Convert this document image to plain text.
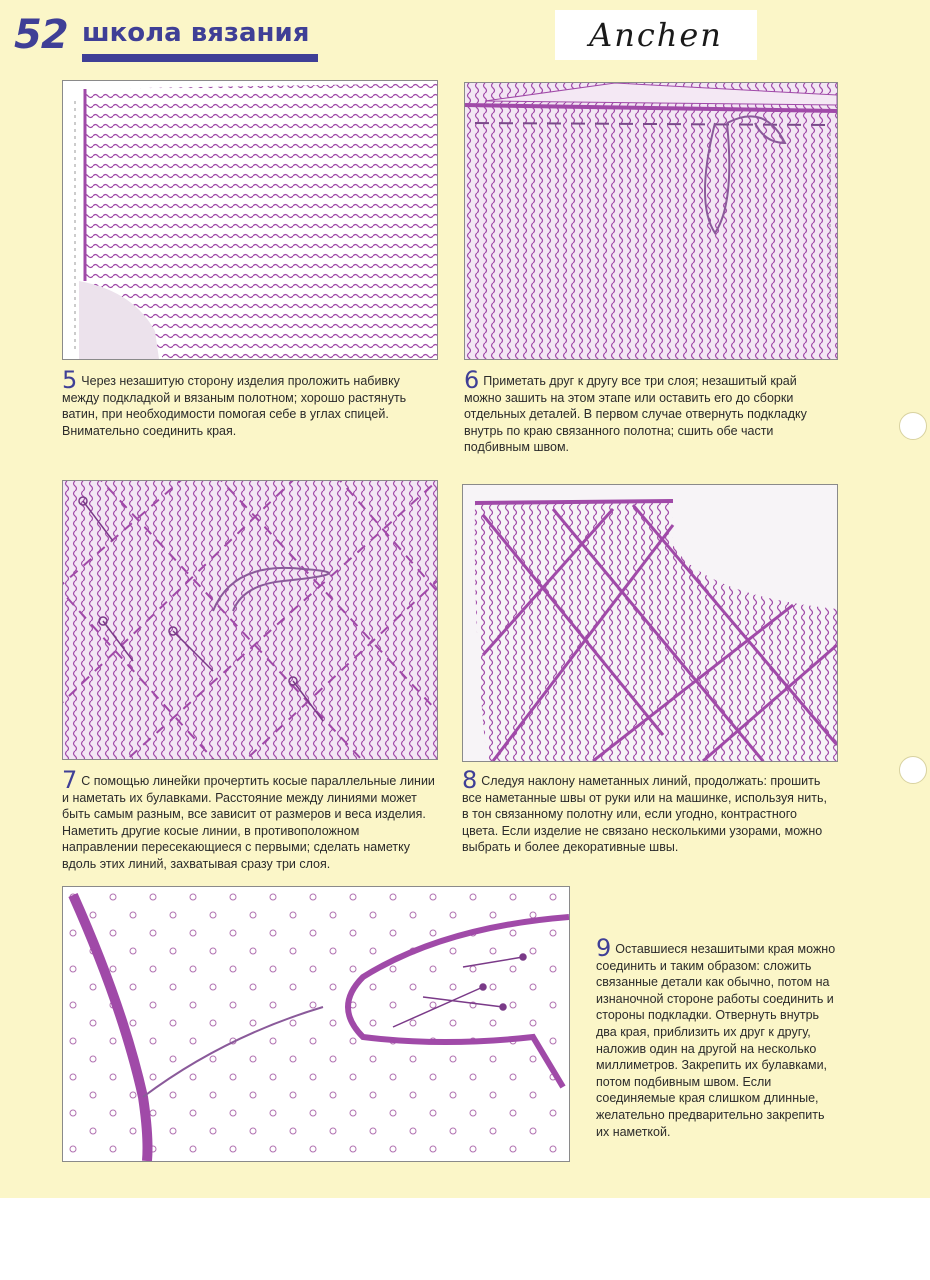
52 школа вязания	Anchen
5 Через незашитую сторону изделия проложить набивку между подкладкой и вязаным полотном; хорошо растянуть ватин, при необходимости помогая себе в углах спицей. Внимательно соединить края.
6 Приметать друг к другу все три слоя; незашитый край можно зашить на этом этапе или оставить его до сборки отдельных деталей. В первом случае отвернуть подкладку внутрь по краю связанного полотна; сшить обе части подбивным швом.
7 С помощью линейки прочертить косые параллельные линии и наметать их булавками. Расстояние между линиями может быть самым разным, все зависит от размеров и веса изделия. Наметить другие косые линии, в противоположном направлении пересекающиеся с первыми; сделать наметку вдоль этих линий, захватывая сразу три слоя.
8 Следуя наклону наметанных линий, продолжать: прошить все наметанные швы от руки или на машинке, используя нить, в тон связанному полотну или, если угодно, контрастного цвета. Если изделие не связано несколькими узорами, можно выбрать и более декоративные швы.
9 Оставшиеся незашитыми края можно соединить и таким образом: сложить связанные детали как обычно, потом на изнаночной стороне работы соединить и стороны подкладки. Отвернуть внутрь два края, приблизить их друг к другу, наложив один на другой на несколько миллиметров. Закрепить их булавками, потом подбивным швом. Если соединяемые края слишком длинные, желательно предварительно закрепить их наметкой.
